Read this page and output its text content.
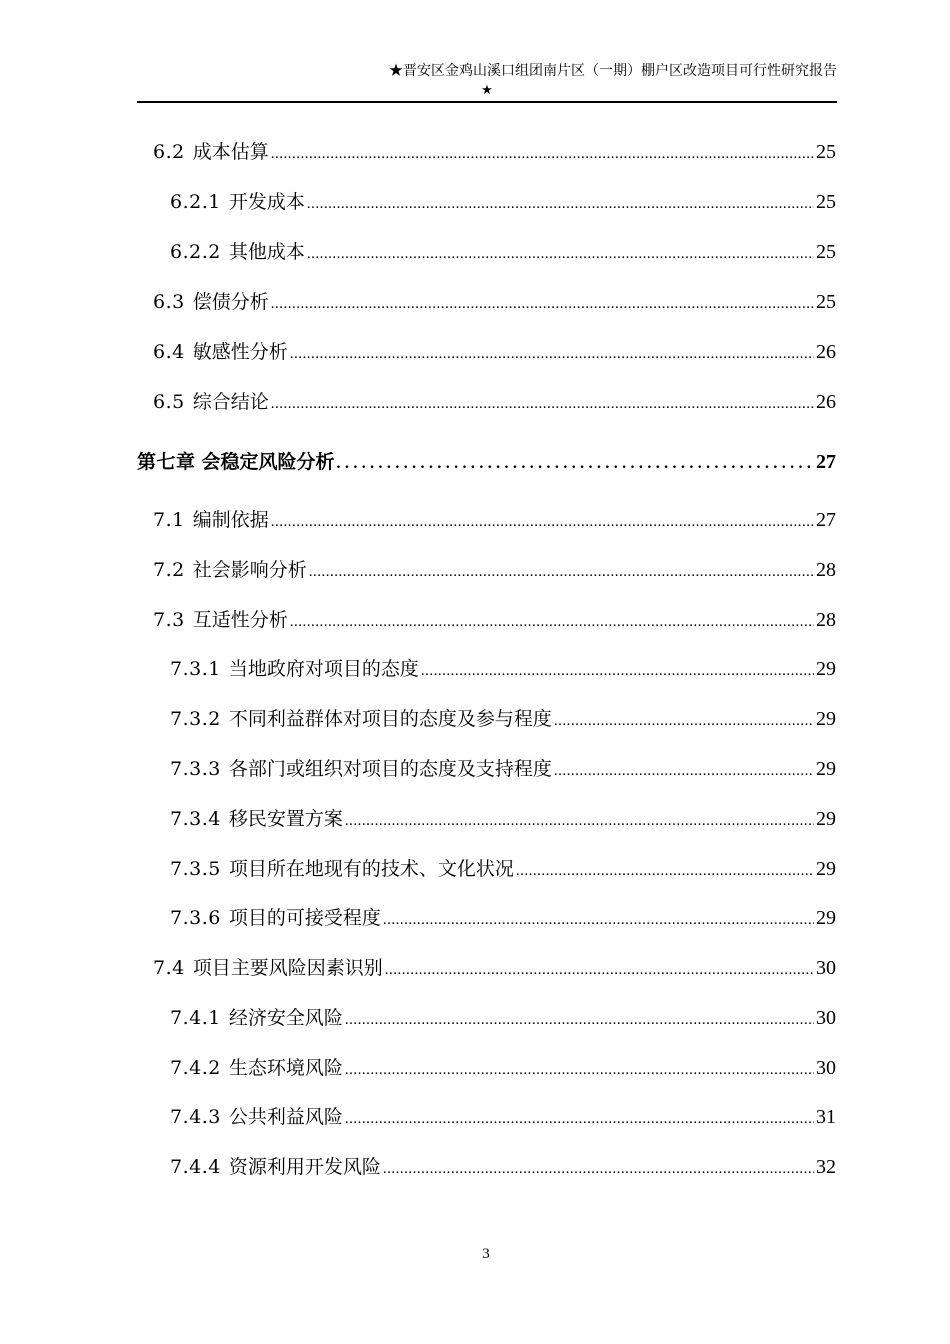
★晋安区金鸡山溪口组团南片区（一期）棚户区改造项目可行性研究报告
★
6.2 成本估算 .....	25
6.2.1 开发成本 .....	25
6.2.2 其他成本 .....	25
6.3 偿债分析 .....	25
6.4 敏感性分析 .....	26
6.5 综合结论 .....	26
第七章 会稳定风险分析 .....	27
7.1 编制依据 .....	27
7.2 社会影响分析 .....	28
7.3 互适性分析 .....	28
7.3.1 当地政府对项目的态度 .....	29
7.3.2 不同利益群体对项目的态度及参与程度 .....	29
7.3.3 各部门或组织对项目的态度及支持程度 .....	29
7.3.4 移民安置方案 .....	29
7.3.5 项目所在地现有的技术、文化状况 .....	29
7.3.6 项目的可接受程度 .....	29
7.4 项目主要风险因素识别 .....	30
7.4.1 经济安全风险 .....	30
7.4.2 生态环境风险 .....	30
7.4.3 公共利益风险 .....	31
7.4.4 资源利用开发风险 .....	32
3
